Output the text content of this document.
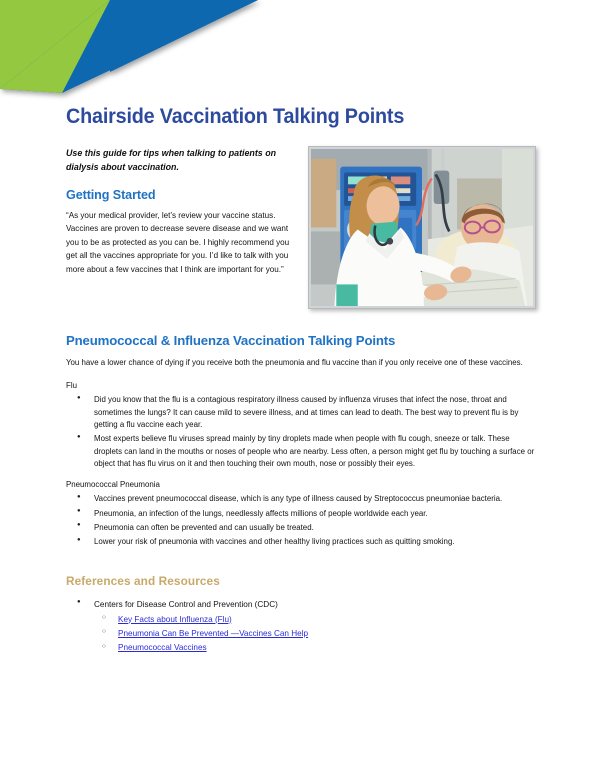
Chairside Vaccination Talking Points

Use this guide for tips when talking to patients on dialysis about vaccination.

Getting Started

“As your medical provider, let’s review your vaccine status. Vaccines are proven to decrease severe disease and we want you to be as protected as you can be. I highly recommend you get all the vaccines appropriate for you. I’d like to talk with you more about a few vaccines that I think are important for you.”

Pneumococcal & Influenza Vaccination Talking Points

You have a lower chance of dying if you receive both the pneumonia and flu vaccine than if you only receive one of these vaccines.

Flu

● Did you know that the flu is a contagious respiratory illness caused by influenza viruses that infect the nose, throat and sometimes the lungs? It can cause mild to severe illness, and at times can lead to death. The best way to prevent flu is by getting a flu vaccine each year.
● Most experts believe flu viruses spread mainly by tiny droplets made when people with flu cough, sneeze or talk. These droplets can land in the mouths or noses of people who are nearby. Less often, a person might get flu by touching a surface or object that has flu virus on it and then touching their own mouth, nose or possibly their eyes.

Pneumococcal Pneumonia

● Vaccines prevent pneumococcal disease, which is any type of illness caused by Streptococcus pneumoniae bacteria.
● Pneumonia, an infection of the lungs, needlessly affects millions of people worldwide each year.
● Pneumonia can often be prevented and can usually be treated.
● Lower your risk of pneumonia with vaccines and other healthy living practices such as quitting smoking.
References and Resources
● Centers for Disease Control and Prevention (CDC)
○ Key Facts about Influenza (Flu)
○ Pneumonia Can Be Prevented —Vaccines Can Help
○ Pneumococcal Vaccines
